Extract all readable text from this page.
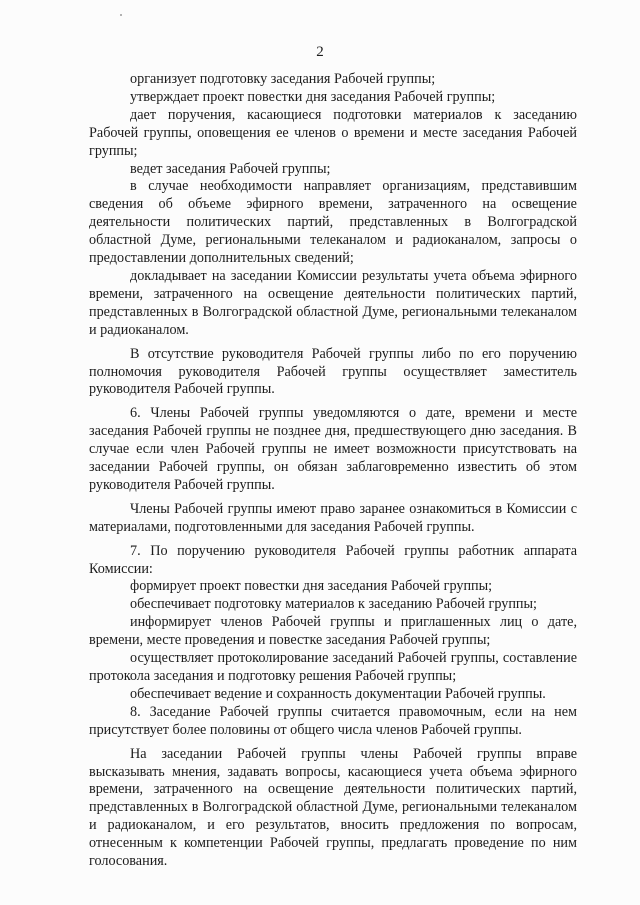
2

организует подготовку заседания Рабочей группы;

утверждает проект повестки дня заседания Рабочей группы;

дает поручения, касающиеся подготовки материалов к заседанию Рабочей группы, оповещения ее членов о времени и месте заседания Рабочей группы;

ведет заседания Рабочей группы;

в случае необходимости направляет организациям, представившим сведения об объеме эфирного времени, затраченного на освещение деятельности политических партий, представленных в Волгоградской областной Думе, региональными телеканалом и радиоканалом, запросы о предоставлении дополнительных сведений;

докладывает на заседании Комиссии результаты учета объема эфирного времени, затраченного на освещение деятельности политических партий, представленных в Волгоградской областной Думе, региональными телеканалом и радиоканалом.

В отсутствие руководителя Рабочей группы либо по его поручению полномочия руководителя Рабочей группы осуществляет заместитель руководителя Рабочей группы.

6. Члены Рабочей группы уведомляются о дате, времени и месте заседания Рабочей группы не позднее дня, предшествующего дню заседания. В случае если член Рабочей группы не имеет возможности присутствовать на заседании Рабочей группы, он обязан заблаговременно известить об этом руководителя Рабочей группы.

Члены Рабочей группы имеют право заранее ознакомиться в Комиссии с материалами, подготовленными для заседания Рабочей группы.

7. По поручению руководителя Рабочей группы работник аппарата Комиссии:

формирует проект повестки дня заседания Рабочей группы;

обеспечивает подготовку материалов к заседанию Рабочей группы;

информирует членов Рабочей группы и приглашенных лиц о дате, времени, месте проведения и повестке заседания Рабочей группы;

осуществляет протоколирование заседаний Рабочей группы, составление протокола заседания и подготовку решения Рабочей группы;

обеспечивает ведение и сохранность документации Рабочей группы.

8. Заседание Рабочей группы считается правомочным, если на нем присутствует более половины от общего числа членов Рабочей группы.

На заседании Рабочей группы члены Рабочей группы вправе высказывать мнения, задавать вопросы, касающиеся учета объема эфирного времени, затраченного на освещение деятельности политических партий, представленных в Волгоградской областной Думе, региональными телеканалом и радиоканалом, и его результатов, вносить предложения по вопросам, отнесенным к компетенции Рабочей группы, предлагать проведение по ним голосования.
